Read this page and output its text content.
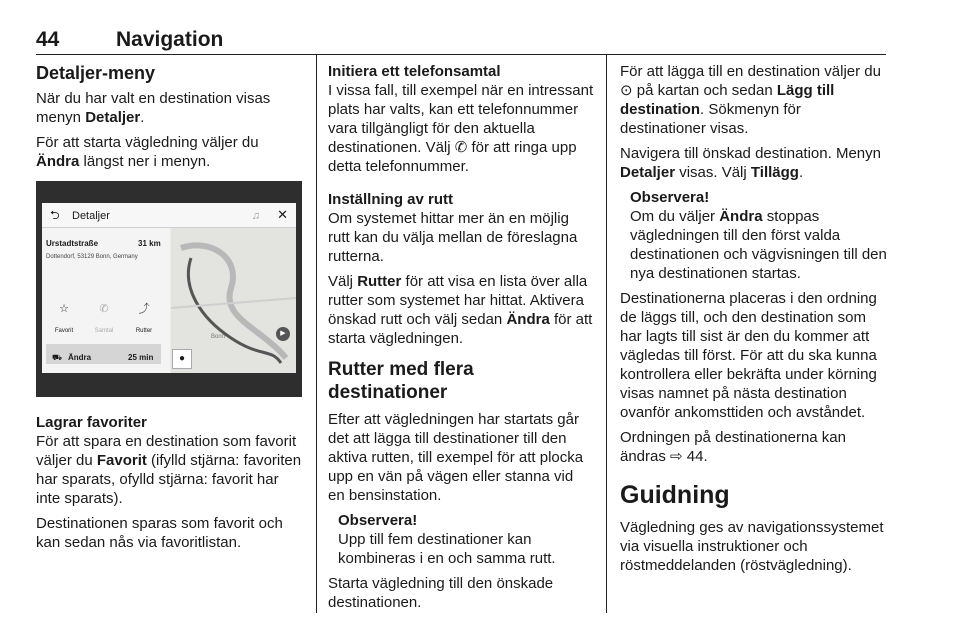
44	Navigation
Detaljer-meny

När du har valt en destination visas menyn Detaljer.

För att starta vägledning väljer du Ändra längst ner i menyn.

⮌ Detaljer	♫ ✕
Urstadtstraße	31 km
Dottendorf, 53129 Bonn, Germany
☆
Favorit
✆
Samtal
⤴
Rutter
⛟ Ändra	25 min
Bonn
●
▶

Lagrar favoriter

För att spara en destination som favorit väljer du Favorit (ifylld stjärna: favoriten har sparats, ofylld stjärna: favorit har inte sparats).

Destinationen sparas som favorit och kan sedan nås via favoritlistan.

Initiera ett telefonsamtal

I vissa fall, till exempel när en intressant plats har valts, kan ett telefonnummer vara tillgängligt för den aktuella destinationen. Välj ✆ för att ringa upp detta telefonnummer.

Inställning av rutt

Om systemet hittar mer än en möjlig rutt kan du välja mellan de föreslagna rutterna.

Välj Rutter för att visa en lista över alla rutter som systemet har hittat. Aktivera önskad rutt och välj sedan Ändra för att starta vägledningen.

Rutter med flera destinationer

Efter att vägledningen har startats går det att lägga till destinationer till den aktiva rutten, till exempel för att plocka upp en vän på vägen eller stanna vid en bensinstation.

Observera!
Upp till fem destinationer kan kombineras i en och samma rutt.

Starta vägledning till den önskade destinationen.

För att lägga till en destination väljer du ⊙ på kartan och sedan Lägg till destination. Sökmenyn för destinationer visas.

Navigera till önskad destination. Menyn Detaljer visas. Välj Tillägg.

Observera!
Om du väljer Ändra stoppas vägledningen till den först valda destinationen och vägvisningen till den nya destinationen startas.

Destinationerna placeras i den ordning de läggs till, och den destination som har lagts till sist är den du kommer att vägledas till först. För att du ska kunna kontrollera eller bekräfta under körning visas namnet på nästa destination ovanför ankomsttiden och avståndet.

Ordningen på destinationerna kan ändras ⇨ 44.

Guidning

Vägledning ges av navigationssystemet via visuella instruktioner och röstmeddelanden (röstvägledning).
